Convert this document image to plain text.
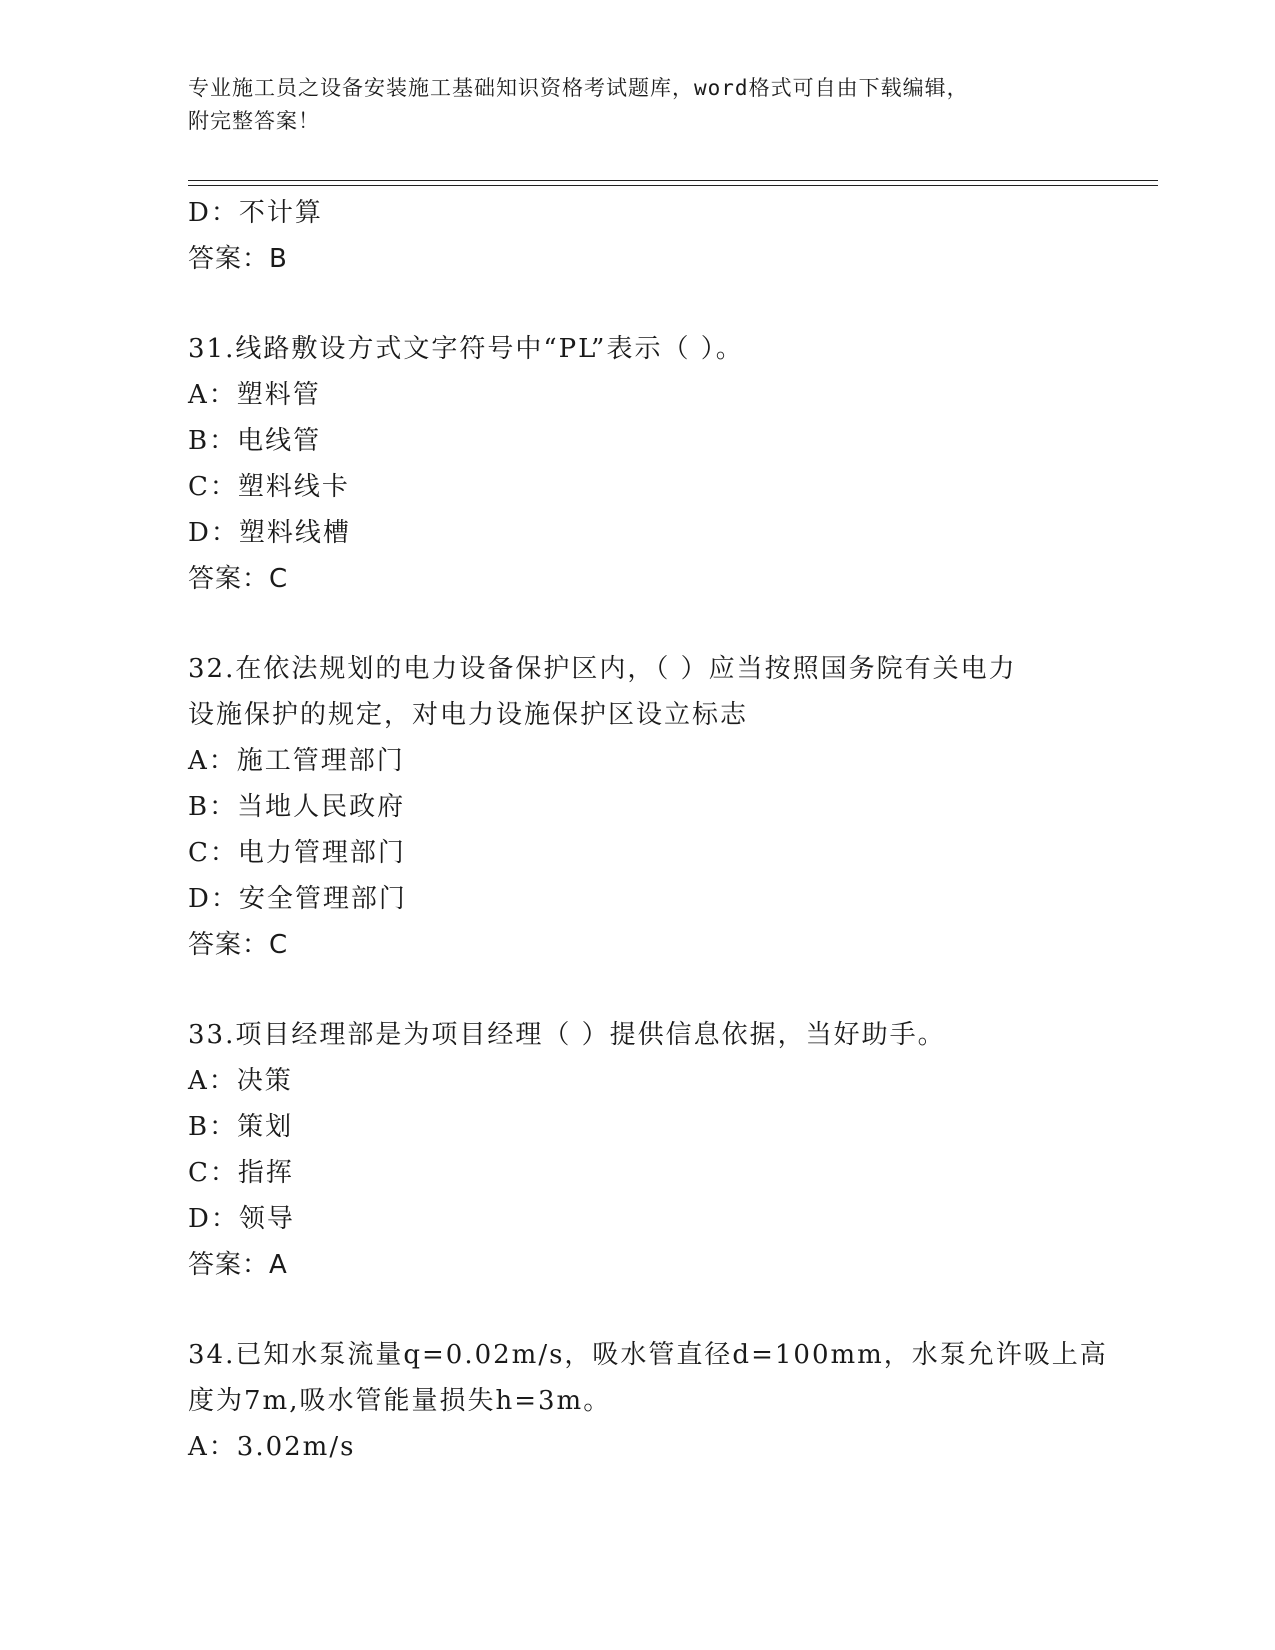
专业施工员之设备安装施工基础知识资格考试题库，word格式可自由下载编辑，
附完整答案！
D：不计算
答案：B
31.线路敷设方式文字符号中“PL”表示（ ）。
A：塑料管
B：电线管
C：塑料线卡
D：塑料线槽
答案：C
32.在依法规划的电力设备保护区内，（ ）应当按照国务院有关电力
设施保护的规定，对电力设施保护区设立标志
A：施工管理部门
B：当地人民政府
C：电力管理部门
D：安全管理部门
答案：C
33.项目经理部是为项目经理（ ）提供信息依据，当好助手。
A：决策
B：策划
C：指挥
D：领导
答案：A
34.已知水泵流量q=0.02m/s，吸水管直径d=100mm，水泵允许吸上高
度为7m,吸水管能量损失h=3m。
A：3.02m/s
